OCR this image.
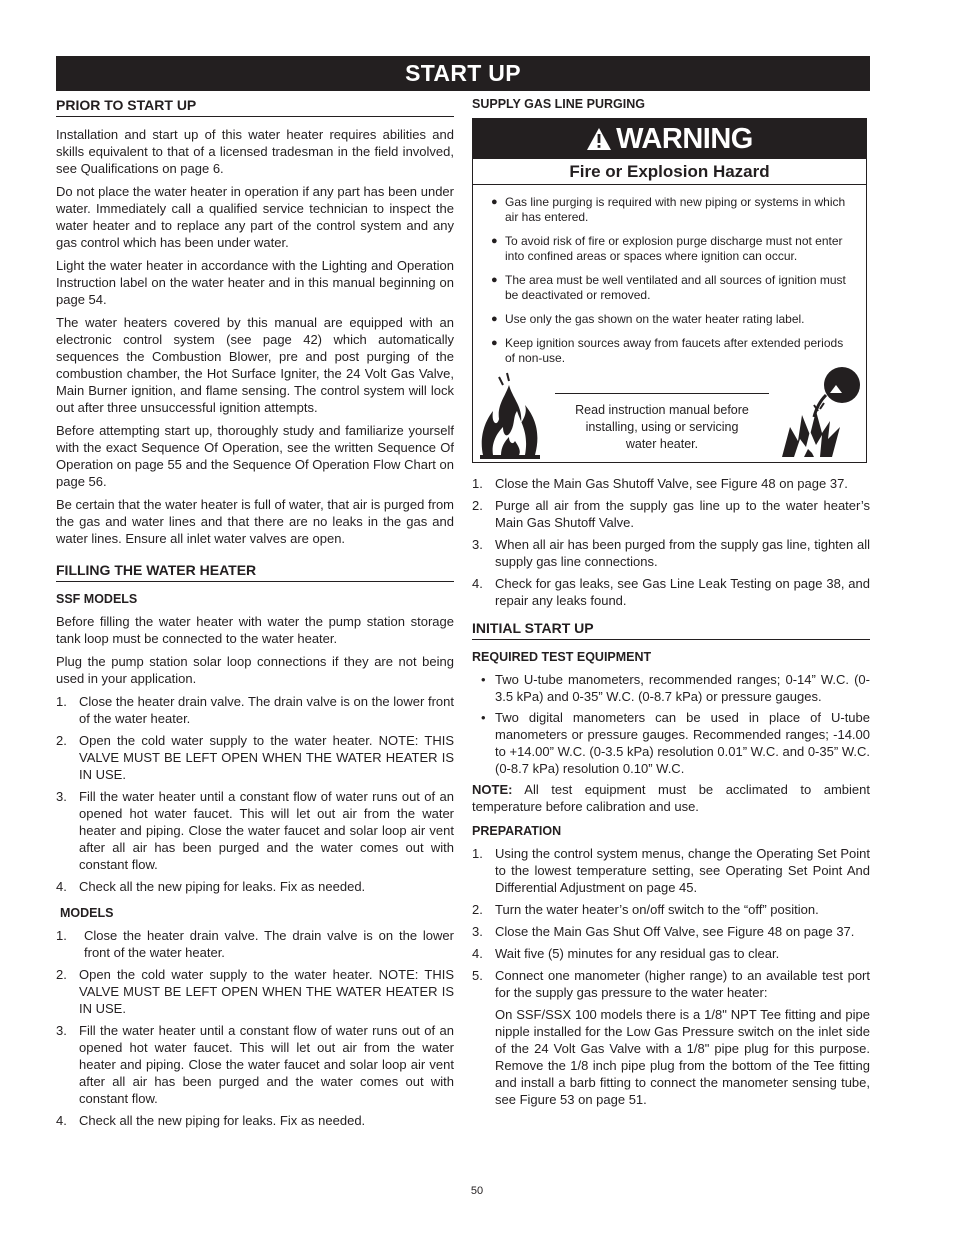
START UP
PRIOR TO START UP

Installation and start up of this water heater requires abilities and skills equivalent to that of a licensed tradesman in the field involved, see Qualifications on page 6.

Do not place the water heater in operation if any part has been under water. Immediately call a qualified service technician to inspect the water heater and to replace any part of the control system and any gas control which has been under water.

Light the water heater in accordance with the Lighting and Operation Instruction label on the water heater and in this manual beginning on page 54.

The water heaters covered by this manual are equipped with an electronic control system (see page 42) which automatically sequences the Combustion Blower, pre and post purging of the combustion chamber, the Hot Surface Igniter, the 24 Volt Gas Valve, Main Burner ignition, and flame sensing. The control system will lock out after three unsuccessful ignition attempts.

Before attempting start up, thoroughly study and familiarize yourself with the exact Sequence Of Operation, see the written Sequence Of Operation on page 55 and the Sequence Of Operation Flow Chart on page 56.

Be certain that the water heater is full of water, that air is purged from the gas and water lines and that there are no leaks in the gas and water lines. Ensure all inlet water valves are open.

FILLING THE WATER HEATER
SSF MODELS

Before filling the water heater with water the pump station storage tank loop must be connected to the water heater.

Plug the pump station solar loop connections if they are not being used in your application.

1. Close the heater drain valve. The drain valve is on the lower front of the water heater.
2. Open the cold water supply to the water heater. NOTE: THIS VALVE MUST BE LEFT OPEN WHEN THE WATER HEATER IS IN USE.
3. Fill the water heater until a constant flow of water runs out of an opened hot water faucet. This will let out air from the water heater and piping. Close the water faucet and solar loop air vent after all air has been purged and the water comes out with constant flow.
4. Check all the new piping for leaks. Fix as needed.
MODELS
1.	Close the heater drain valve. The drain valve is on the lower front of the water heater.
2. Open the cold water supply to the water heater. NOTE: THIS VALVE MUST BE LEFT OPEN WHEN THE WATER HEATER IS IN USE.
3. Fill the water heater until a constant flow of water runs out of an opened hot water faucet. This will let out air from the water heater and piping. Close the water faucet and solar loop air vent after all air has been purged and the water comes out with constant flow.
4. Check all the new piping for leaks. Fix as needed.
SUPPLY GAS LINE PURGING
WARNING
Fire or Explosion Hazard
● Gas line purging is required with new piping or systems in which air has entered.
● To avoid risk of fire or explosion purge discharge must not enter into confined areas or spaces where ignition can occur.
● The area must be well ventilated and all sources of ignition must be deactivated or removed.
● Use only the gas shown on the water heater rating label.
● Keep ignition sources away from faucets after extended periods of non-use.
Read instruction manual before
installing, using or servicing
water heater.
1. Close the Main Gas Shutoff Valve, see Figure 48 on page 37.
2. Purge all air from the supply gas line up to the water heater’s Main Gas Shutoff Valve.
3. When all air has been purged from the supply gas line, tighten all supply gas line connections.
4. Check for gas leaks, see Gas Line Leak Testing on page 38, and repair any leaks found.
INITIAL START UP
REQUIRED TEST EQUIPMENT
• Two U-tube manometers, recommended ranges; 0-14” W.C. (0-3.5 kPa) and 0-35” W.C. (0-8.7 kPa) or pressure gauges.
• Two digital manometers can be used in place of U-tube manometers or pressure gauges. Recommended ranges; -14.00 to +14.00” W.C. (0-3.5 kPa) resolution 0.01” W.C. and 0-35” W.C. (0-8.7 kPa) resolution 0.10” W.C.

NOTE: All test equipment must be acclimated to ambient temperature before calibration and use.

PREPARATION
1. Using the control system menus, change the Operating Set Point to the lowest temperature setting, see Operating Set Point And Differential Adjustment on page 45.
2. Turn the water heater’s on/off switch to the “off” position.
3. Close the Main Gas Shut Off Valve, see Figure 48 on page 37.
4. Wait five (5) minutes for any residual gas to clear.
5. Connect one manometer (higher range) to an available test port for the supply gas pressure to the water heater:

On SSF/SSX 100 models there is a 1/8" NPT Tee fitting and pipe nipple installed for the Low Gas Pressure switch on the inlet side of the 24 Volt Gas Valve with a 1/8" pipe plug for this purpose. Remove the 1/8 inch pipe plug from the bottom of the Tee fitting and install a barb fitting to connect the manometer sensing tube, see Figure 53 on page 51.

50
